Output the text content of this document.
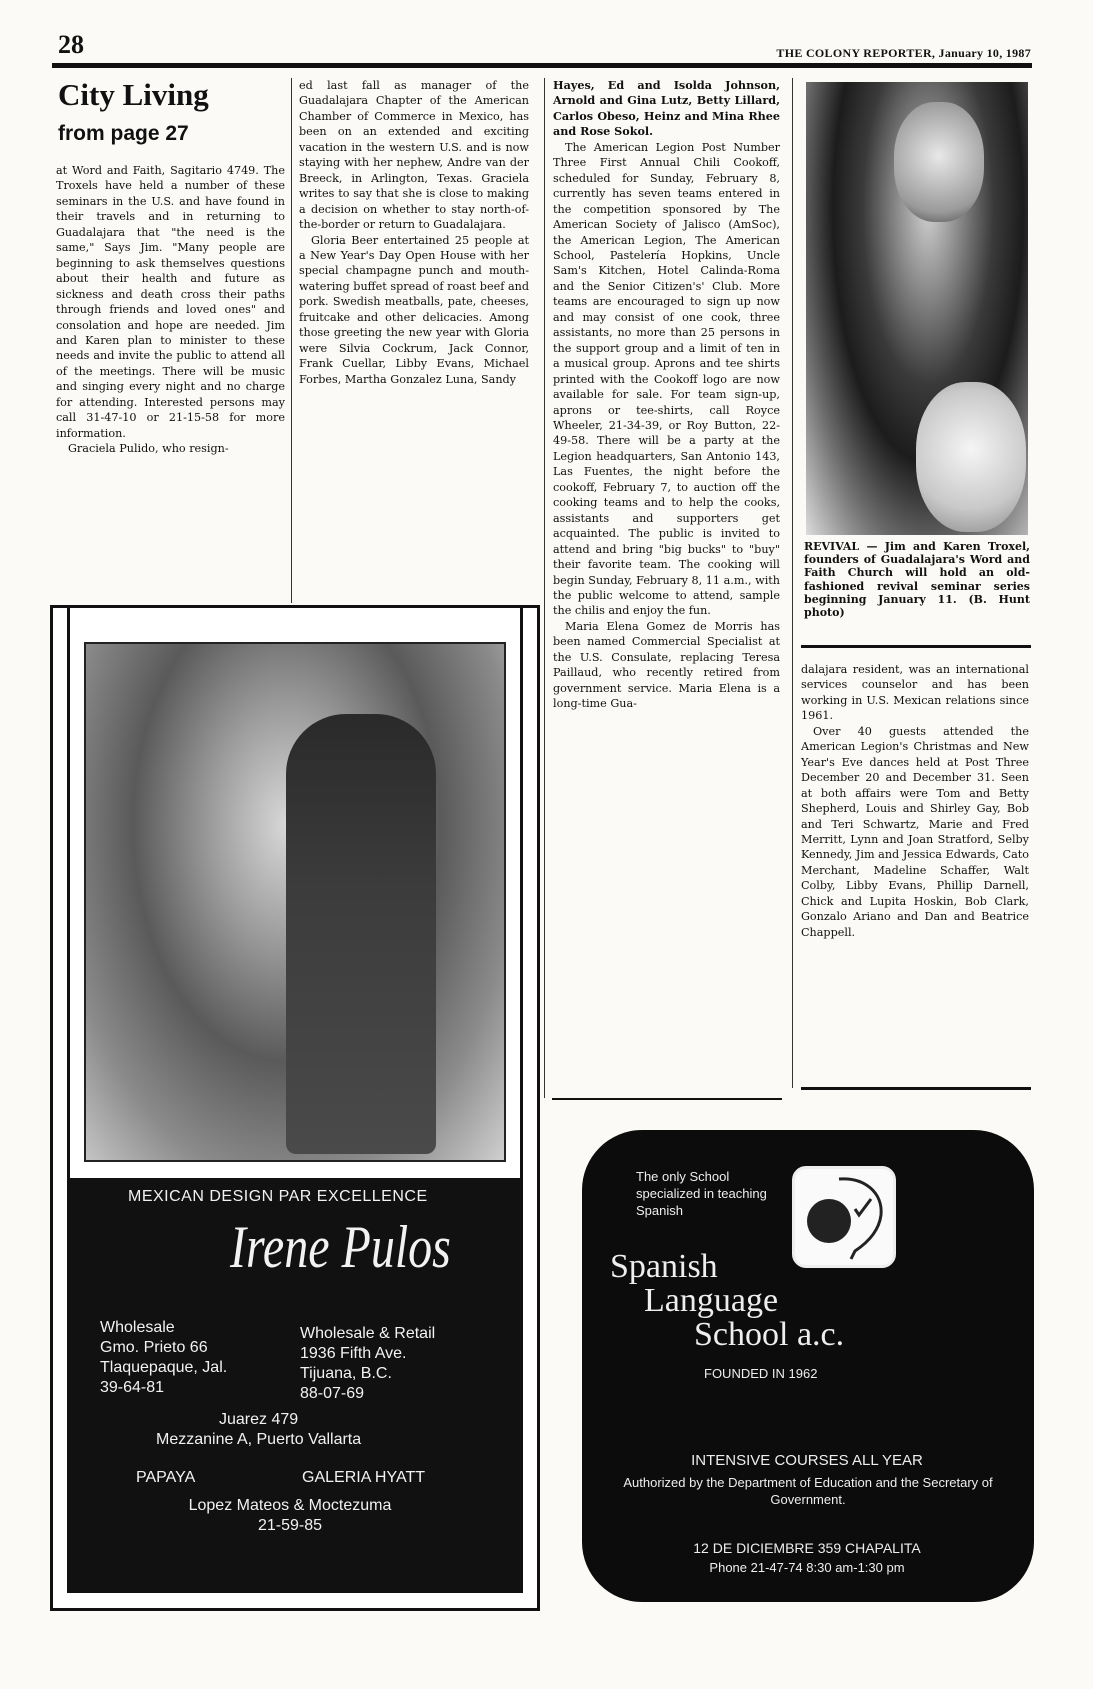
28	THE COLONY REPORTER, January 10, 1987
City Living
from page 27

at Word and Faith, Sagitario 4749. The Troxels have held a number of these seminars in the U.S. and have found in their travels and in returning to Guadalajara that "the need is the same," Says Jim. "Many people are beginning to ask themselves questions about their health and future as sickness and death cross their paths through friends and loved ones" and consolation and hope are needed. Jim and Karen plan to minister to these needs and invite the public to attend all of the meetings. There will be music and singing every night and no charge for attending. Interested persons may call 31-47-10 or 21-15-58 for more information.

Graciela Pulido, who resign-

ed last fall as manager of the Guadalajara Chapter of the American Chamber of Commerce in Mexico, has been on an extended and exciting vacation in the western U.S. and is now staying with her nephew, Andre van der Breeck, in Arlington, Texas. Graciela writes to say that she is close to making a decision on whether to stay north-of-the-border or return to Guadalajara.

Gloria Beer entertained 25 people at a New Year's Day Open House with her special champagne punch and mouth-watering buffet spread of roast beef and pork. Swedish meatballs, pate, cheeses, fruitcake and other delicacies. Among those greeting the new year with Gloria were Silvia Cockrum, Jack Connor, Frank Cuellar, Libby Evans, Michael Forbes, Martha Gonzalez Luna, Sandy

Hayes, Ed and Isolda Johnson, Arnold and Gina Lutz, Betty Lillard, Carlos Obeso, Heinz and Mina Rhee and Rose Sokol.

The American Legion Post Number Three First Annual Chili Cookoff, scheduled for Sunday, February 8, currently has seven teams entered in the competition sponsored by The American Society of Jalisco (AmSoc), the American Legion, The American School, Pastelería Hopkins, Uncle Sam's Kitchen, Hotel Calinda-Roma and the Senior Citizen's' Club. More teams are encouraged to sign up now and may consist of one cook, three assistants, no more than 25 persons in the support group and a limit of ten in a musical group. Aprons and tee shirts printed with the Cookoff logo are now available for sale. For team sign-up, aprons or tee-shirts, call Royce Wheeler, 21-34-39, or Roy Button, 22-49-58. There will be a party at the Legion headquarters, San Antonio 143, Las Fuentes, the night before the cookoff, February 7, to auction off the cooking teams and to help the cooks, assistants and supporters get acquainted. The public is invited to attend and bring "big bucks" to "buy" their favorite team. The cooking will begin Sunday, February 8, 11 a.m., with the public welcome to attend, sample the chilis and enjoy the fun.

Maria Elena Gomez de Morris has been named Commercial Specialist at the U.S. Consulate, replacing Teresa Paillaud, who recently retired from government service. Maria Elena is a long-time Gua-

REVIVAL — Jim and Karen Troxel, founders of Guadalajara's Word and Faith Church will hold an old-fashioned revival seminar series beginning January 11. (B. Hunt photo)

dalajara resident, was an international services counselor and has been working in U.S. Mexican relations since 1961.

Over 40 guests attended the American Legion's Christmas and New Year's Eve dances held at Post Three December 20 and December 31. Seen at both affairs were Tom and Betty Shepherd, Louis and Shirley Gay, Bob and Teri Schwartz, Marie and Fred Merritt, Lynn and Joan Stratford, Selby Kennedy, Jim and Jessica Edwards, Cato Merchant, Madeline Schaffer, Walt Colby, Libby Evans, Phillip Darnell, Chick and Lupita Hoskin, Bob Clark, Gonzalo Ariano and Dan and Beatrice Chappell.

MEXICAN DESIGN PAR EXCELLENCE
Irene Pulos
Wholesale
Gmo. Prieto 66
Tlaquepaque, Jal.
39-64-81
Wholesale & Retail
1936 Fifth Ave.
Tijuana, B.C.
88-07-69
Juarez 479
Mezzanine A, Puerto Vallarta
PAPAYA	GALERIA HYATT
Lopez Mateos & Moctezuma
21-59-85
The only School specialized in teaching Spanish
Spanish
Language
School a.c.
FOUNDED IN 1962
INTENSIVE COURSES ALL YEAR
Authorized by the Department of Education and the Secretary of Government.
12 DE DICIEMBRE 359 CHAPALITA
Phone 21-47-74 8:30 am-1:30 pm
